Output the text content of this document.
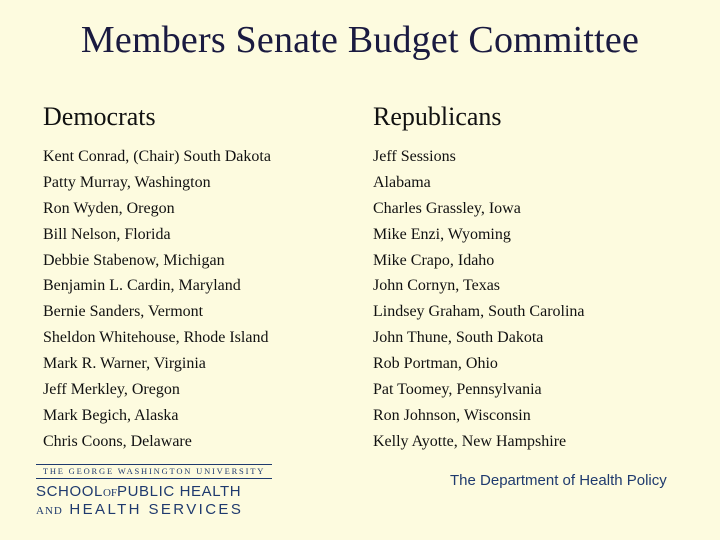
Members Senate Budget Committee
Democrats
Kent Conrad, (Chair) South Dakota
Patty Murray, Washington
Ron Wyden, Oregon
Bill Nelson, Florida
Debbie Stabenow, Michigan
Benjamin L. Cardin, Maryland
Bernie Sanders, Vermont
Sheldon Whitehouse, Rhode Island
Mark R. Warner, Virginia
Jeff Merkley, Oregon
Mark Begich, Alaska
Chris Coons, Delaware
Republicans
Jeff Sessions
Alabama
Charles Grassley, Iowa
Mike Enzi, Wyoming
Mike Crapo, Idaho
John Cornyn, Texas
Lindsey Graham, South Carolina
John Thune, South Dakota
Rob Portman, Ohio
Pat Toomey, Pennsylvania
Ron Johnson, Wisconsin
Kelly Ayotte, New Hampshire
THE GEORGE WASHINGTON UNIVERSITY
SCHOOLOFPUBLIC HEALTH
AND HEALTH SERVICES
The Department of Health Policy
